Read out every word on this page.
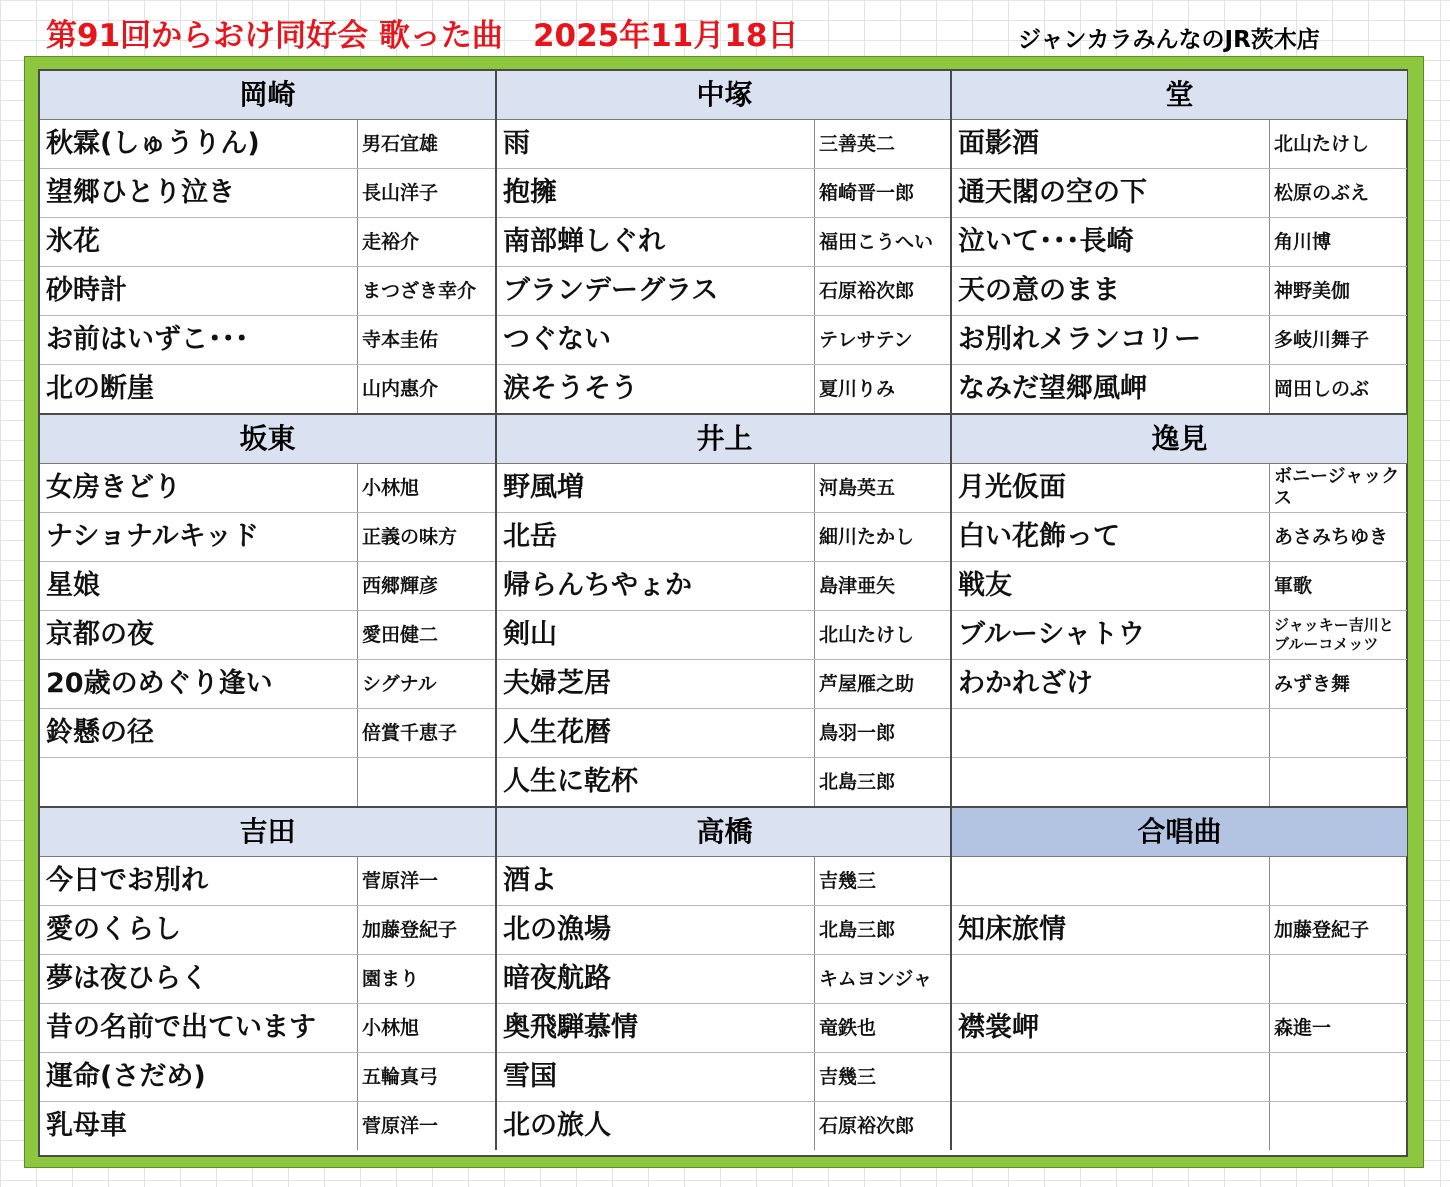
第91回からおけ同好会 歌った曲 2025年11月18日	ジャンカラみんなのJR茨木店
岡崎
秋霖(しゅうりん)	男石宜雄
望郷ひとり泣き	長山洋子
氷花	走裕介
砂時計	まつざき幸介
お前はいずこ･･･	寺本圭佑
北の断崖	山内惠介
坂東
女房きどり	小林旭
ナショナルキッド	正義の味方
星娘	西郷輝彦
京都の夜	愛田健二
20歳のめぐり逢い	シグナル
鈴懸の径	倍賞千恵子
吉田
今日でお別れ	菅原洋一
愛のくらし	加藤登紀子
夢は夜ひらく	園まり
昔の名前で出ています	小林旭
運命(さだめ)	五輪真弓
乳母車	菅原洋一
中塚
雨	三善英二
抱擁	箱崎晋一郎
南部蝉しぐれ	福田こうへい
ブランデーグラス	石原裕次郎
つぐない	テレサテン
涙そうそう	夏川りみ
井上
野風増	河島英五
北岳	細川たかし
帰らんちやょか	島津亜矢
剣山	北山たけし
夫婦芝居	芦屋雁之助
人生花暦	鳥羽一郎
人生に乾杯	北島三郎
高橋
酒よ	吉幾三
北の漁場	北島三郎
暗夜航路	キムヨンジャ
奥飛騨慕情	竜鉄也
雪国	吉幾三
北の旅人	石原裕次郎
堂
面影酒	北山たけし
通天閣の空の下	松原のぶえ
泣いて･･･長崎	角川博
天の意のまま	神野美伽
お別れメランコリー	多岐川舞子
なみだ望郷風岬	岡田しのぶ
逸見
月光仮面	ボニージャックス
白い花飾って	あさみちゆき
戦友	軍歌
ブルーシャトウ	ジャッキー吉川とブルーコメッツ
わかれざけ	みずき舞
合唱曲
知床旅情	加藤登紀子
襟裳岬	森進一
